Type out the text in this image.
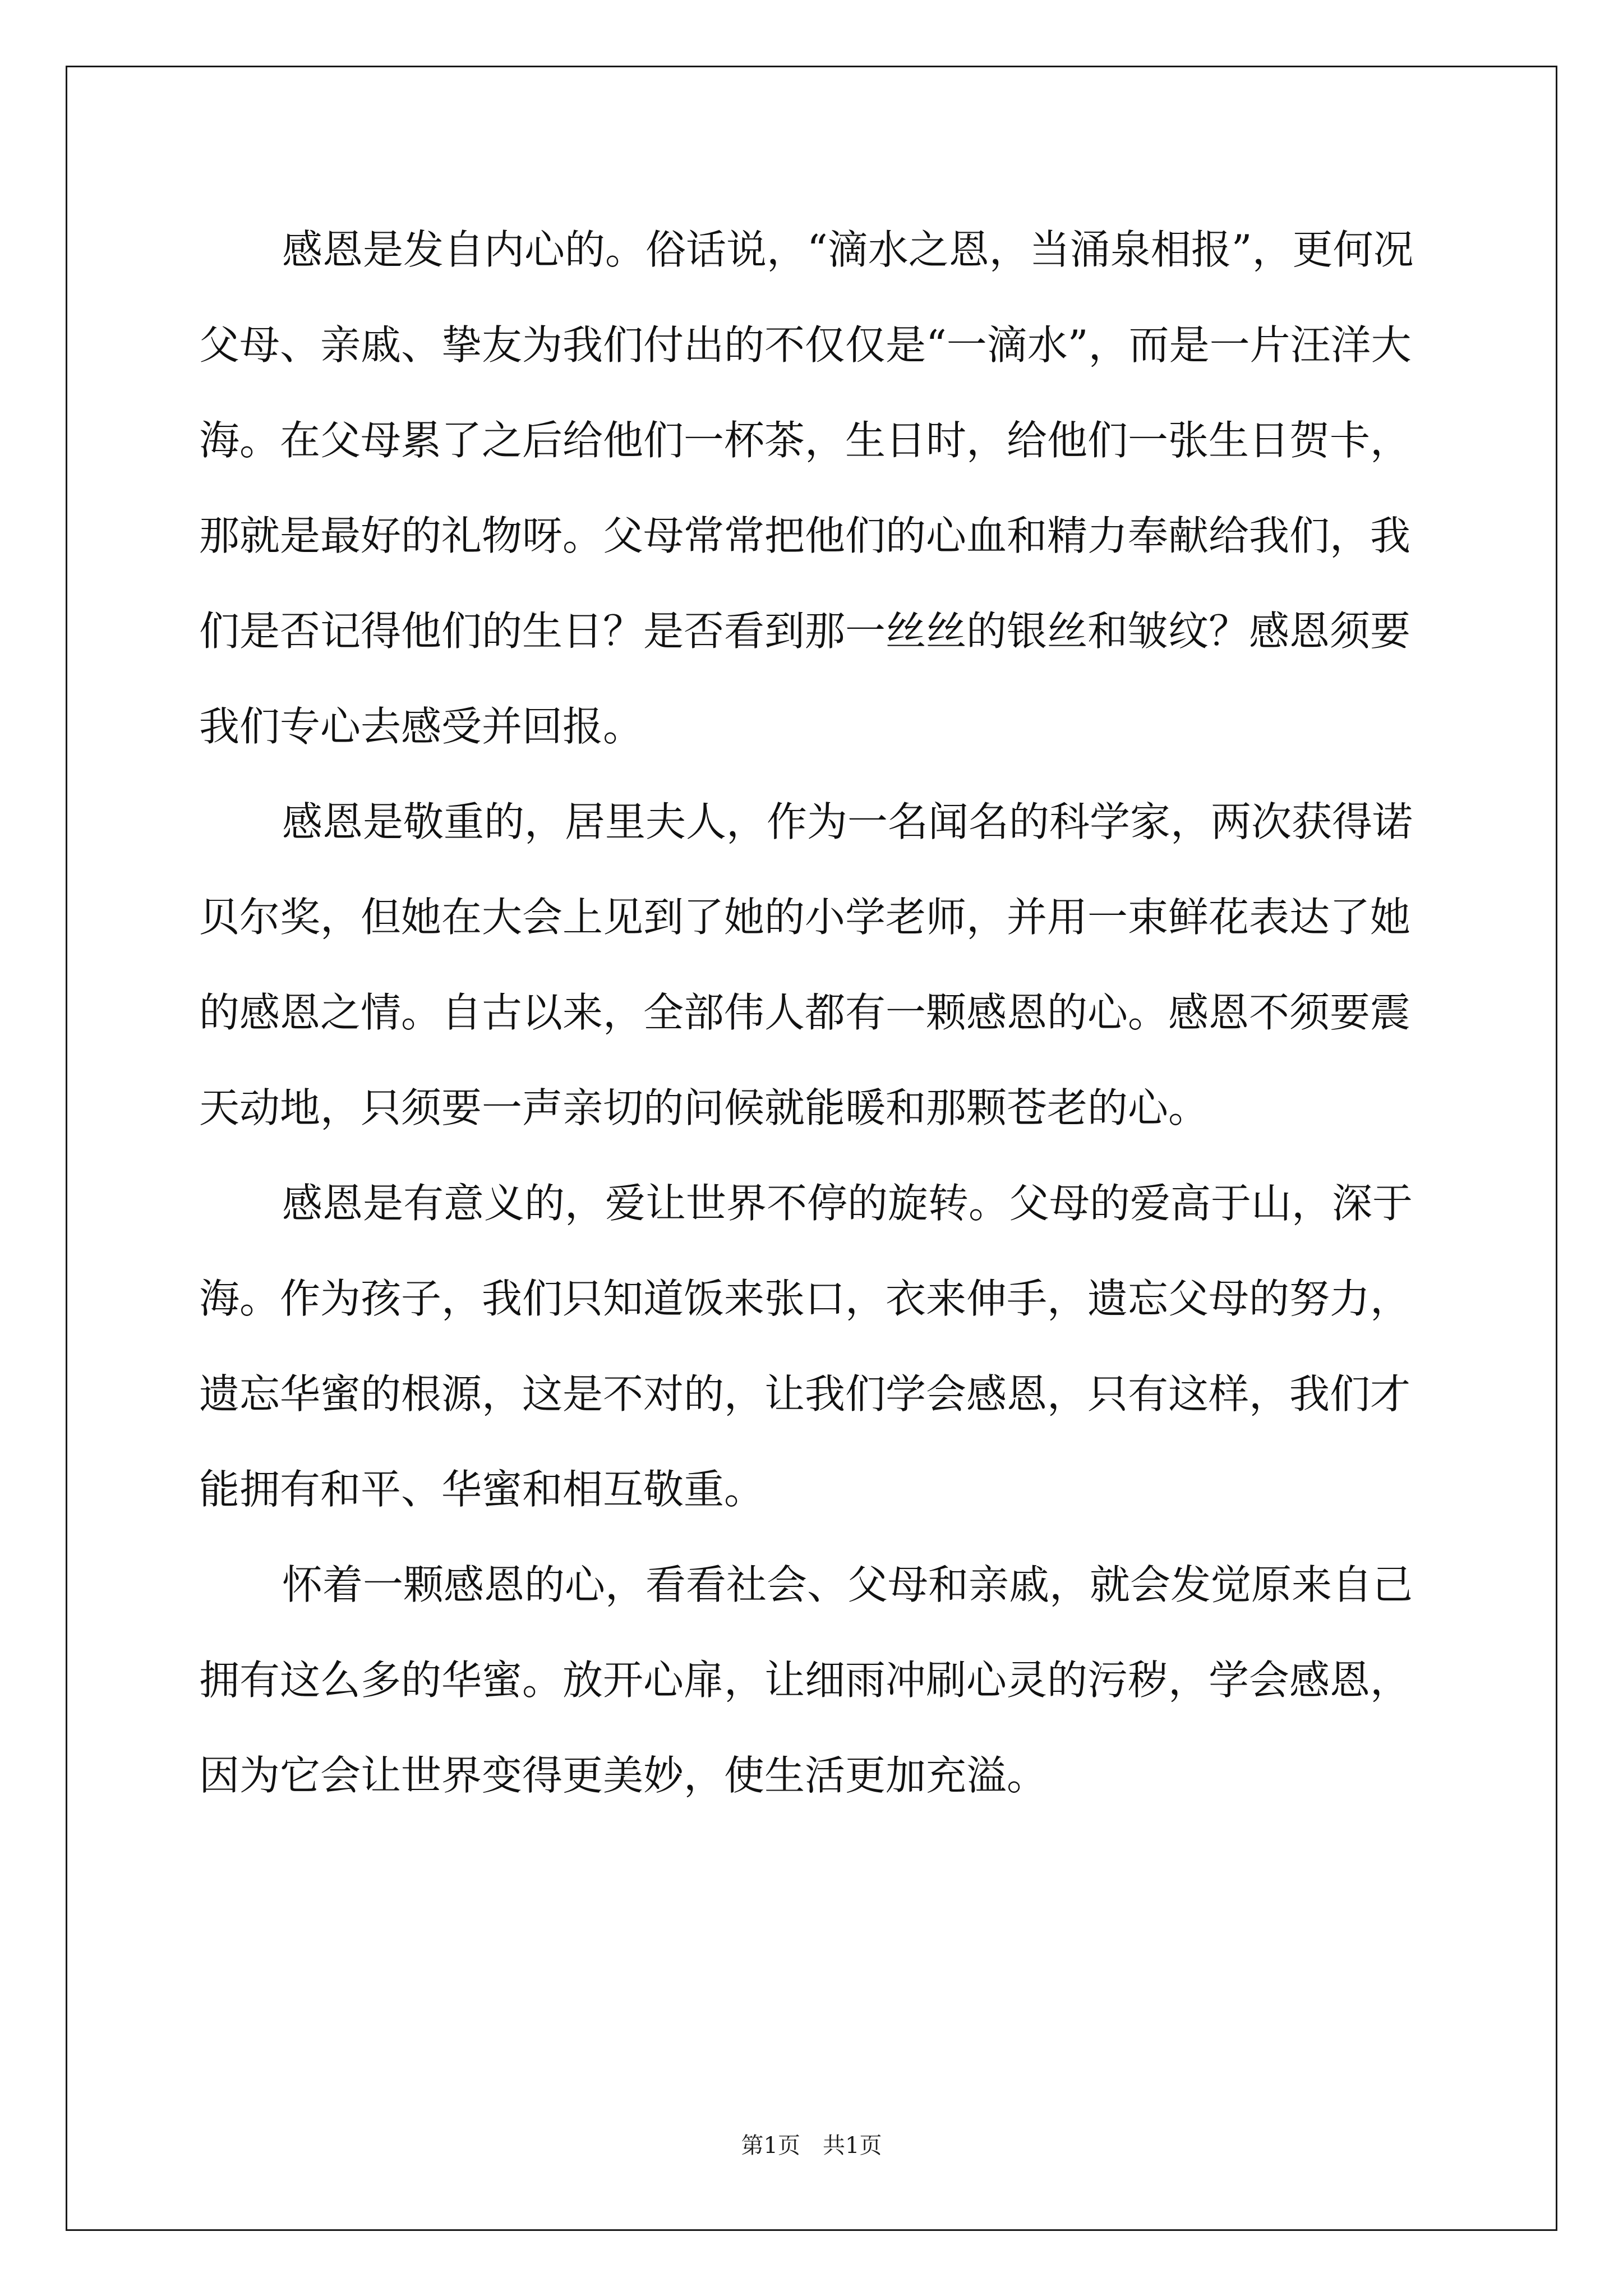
感恩是发自内心的。俗话说，“滴水之恩，当涌泉相报”，更何况
父母、亲戚、挚友为我们付出的不仅仅是“一滴水”，而是一片汪洋大
海。在父母累了之后给他们一杯茶，生日时，给他们一张生日贺卡，
那就是最好的礼物呀。父母常常把他们的心血和精力奉献给我们，我
们是否记得他们的生日？是否看到那一丝丝的银丝和皱纹？感恩须要
我们专心去感受并回报。
感恩是敬重的，居里夫人，作为一名闻名的科学家，两次获得诺
贝尔奖，但她在大会上见到了她的小学老师，并用一束鲜花表达了她
的感恩之情。自古以来，全部伟人都有一颗感恩的心。感恩不须要震
天动地，只须要一声亲切的问候就能暖和那颗苍老的心。
感恩是有意义的，爱让世界不停的旋转。父母的爱高于山，深于
海。作为孩子，我们只知道饭来张口，衣来伸手，遗忘父母的努力，
遗忘华蜜的根源，这是不对的，让我们学会感恩，只有这样，我们才
能拥有和平、华蜜和相互敬重。
怀着一颗感恩的心，看看社会、父母和亲戚，就会发觉原来自己
拥有这么多的华蜜。放开心扉，让细雨冲刷心灵的污秽，学会感恩，
因为它会让世界变得更美妙，使生活更加充溢。
第1页　共1页
